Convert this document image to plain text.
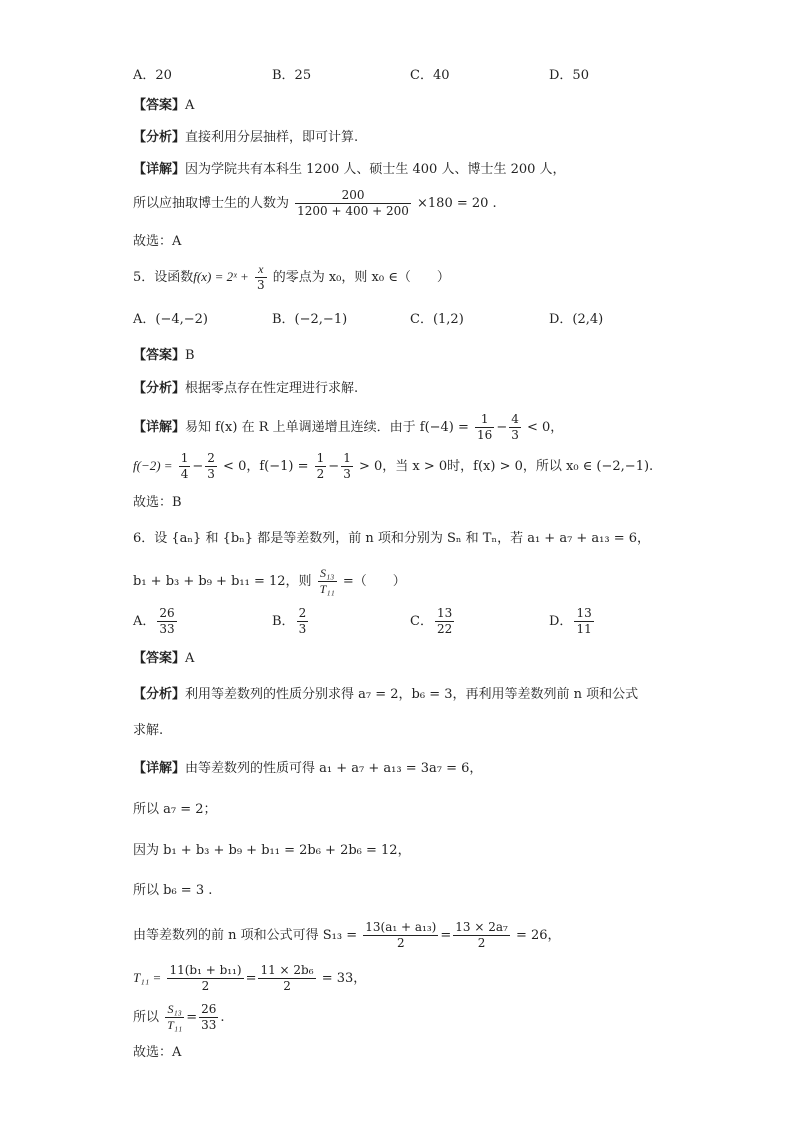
A．20	B．25	C．40	D．50
【答案】A
【分析】直接利用分层抽样，即可计算.
【详解】因为学院共有本科生 1200 人、硕士生 400 人、博士生 200 人，
所以应抽取博士生的人数为 $\frac{200}{1200 + 400 + 200} \times 180 = 20$ .
故选：A
5．设函数f(x) = 2ˣ + $\frac{x}{3}$ 的零点为 x₀，则 x₀ ∈（　　）
A．(−4,−2)	B．(−2,−1)	C．(1,2)	D．(2,4)
【答案】B
【分析】根据零点存在性定理进行求解.
【详解】易知 f(x) 在 R 上单调递增且连续．由于 $f(-4) = \frac{1}{16} - \frac{4}{3} < 0$，
$f(-2) = \frac{1}{4} - \frac{2}{3} < 0$，$f(-1) = \frac{1}{2} - \frac{1}{3} > 0$，当 x > 0时，f(x) > 0，所以 x₀ ∈ (−2,−1).
故选：B
6．设 {aₙ} 和 {bₙ} 都是等差数列，前 n 项和分别为 Sₙ 和 Tₙ，若 a₁ + a₇ + a₁₃ = 6，
b₁ + b₃ + b₉ + b₁₁ = 12，则 $\frac{\text{S₁₃}}{\text{T₁₁}}$ =（　　）
A． $\frac{26}{33}$	B． $\frac{2}{3}$	C． $\frac{13}{22}$	D． $\frac{13}{11}$
【答案】A
【分析】利用等差数列的性质分别求得 a₇ = 2，b₆ = 3，再利用等差数列前 n 项和公式
求解.
【详解】由等差数列的性质可得 a₁ + a₇ + a₁₃ = 3a₇ = 6，
所以 a₇ = 2；
因为 b₁ + b₃ + b₉ + b₁₁ = 2b₆ + 2b₆ = 12，
所以 b₆ = 3 .
由等差数列的前 n 项和公式可得 $S_{13} = \frac{\text{13(a₁ + a₁₃)}}{2} = \frac{\text{13 × 2a₇}}{2} = 26$，
$T_{11} = \frac{\text{11(b₁ + b₁₁)}}{2} = \frac{\text{11 × 2b₆}}{2} = 33$，
所以 $\frac{\text{S₁₃}}{\text{T₁₁}} = \frac{26}{33}$ .
故选：A
